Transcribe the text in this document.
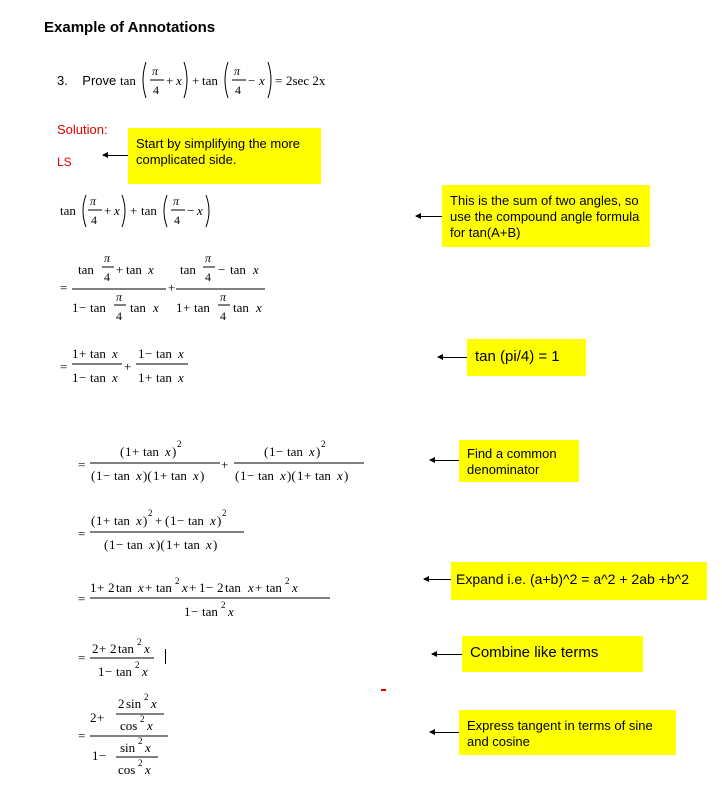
Example of Annotations
3. Prove tan
π
4
+ x + tan
π
4
− x = 2sec 2x
Solution:
LS
Start by simplifying the more complicated side.
tan
π
4
+ x + tan
π
4
− x
This is the sum of two angles, so use the compound angle formula for tan(A+B)
tan
π
4 + tan x
=
1 − tan
π
4
tan x
+
tan
π
4 − tan x
1 + tan
π
4
tan x
1 + tan x
=
1 − tan x
+
1 − tan x
1 + tan x
tan (pi/4) = 1
=
( 1 + tan x ) 2
( 1 − tan x )( 1 + tan x )
+
( 1 − tan x ) 2
( 1 − tan x )( 1 + tan x )
Find a common denominator
=
( 1 + tan x ) 2 + ( 1 − tan x ) 2
( 1 − tan x )( 1 + tan x )
=
1 + 2 tan x + tan 2 x + 1 − 2 tan x + tan 2 x
1 − tan 2 x
Expand i.e. (a+b)^2 = a^2 + 2ab +b^2
=
2 + 2 tan 2 x
1 − tan 2 x
Combine like terms
2 +
2 sin 2 x
cos 2 x
=
1 −
sin 2 x
cos 2 x
Express tangent in terms of sine and cosine
